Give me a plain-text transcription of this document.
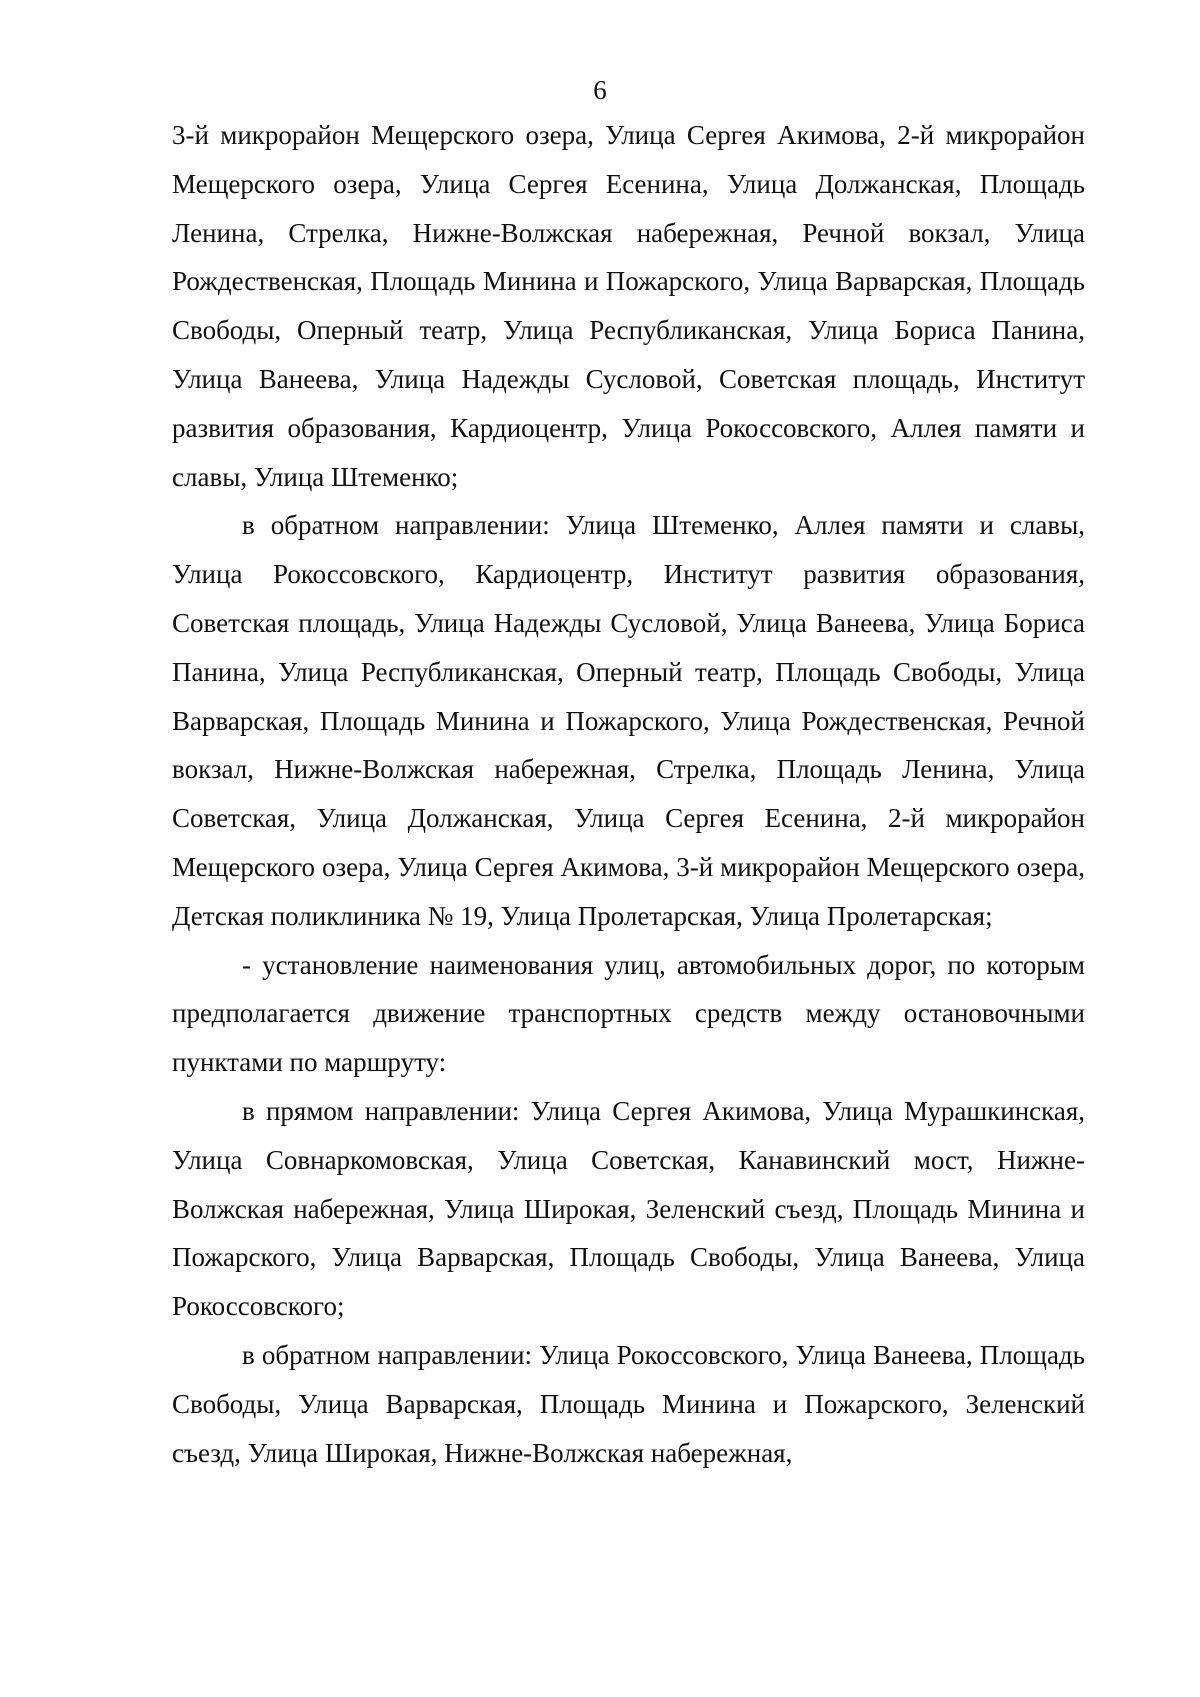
6

3-й микрорайон Мещерского озера, Улица Сергея Акимова, 2-й микрорайон Мещерского озера, Улица Сергея Есенина, Улица Должанская, Площадь Ленина, Стрелка, Нижне-Волжская набережная, Речной вокзал, Улица Рождественская, Площадь Минина и Пожарского, Улица Варварская, Площадь Свободы, Оперный театр, Улица Республиканская, Улица Бориса Панина, Улица Ванеева, Улица Надежды Сусловой, Советская площадь, Институт развития образования, Кардиоцентр, Улица Рокоссовского, Аллея памяти и славы, Улица Штеменко;

в обратном направлении: Улица Штеменко, Аллея памяти и славы, Улица Рокоссовского, Кардиоцентр, Институт развития образования, Советская площадь, Улица Надежды Сусловой, Улица Ванеева, Улица Бориса Панина, Улица Республиканская, Оперный театр, Площадь Свободы, Улица Варварская, Площадь Минина и Пожарского, Улица Рождественская, Речной вокзал, Нижне-Волжская набережная, Стрелка, Площадь Ленина, Улица Советская, Улица Должанская, Улица Сергея Есенина, 2-й микрорайон Мещерского озера, Улица Сергея Акимова, 3-й микрорайон Мещерского озера, Детская поликлиника № 19, Улица Пролетарская, Улица Пролетарская;

- установление наименования улиц, автомобильных дорог, по которым предполагается движение транспортных средств между остановочными пунктами по маршруту:

в прямом направлении: Улица Сергея Акимова, Улица Мурашкинская, Улица Совнаркомовская, Улица Советская, Канавинский мост, Нижне-Волжская набережная, Улица Широкая, Зеленский съезд, Площадь Минина и Пожарского, Улица Варварская, Площадь Свободы, Улица Ванеева, Улица Рокоссовского;

в обратном направлении: Улица Рокоссовского, Улица Ванеева, Площадь Свободы, Улица Варварская, Площадь Минина и Пожарского, Зеленский съезд, Улица Широкая, Нижне-Волжская набережная,
